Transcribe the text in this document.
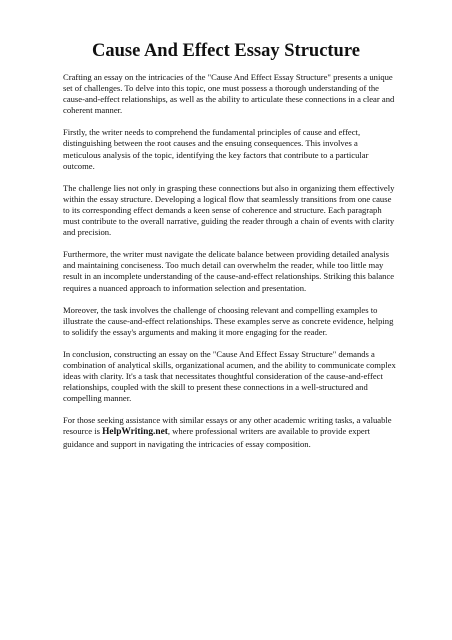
Cause And Effect Essay Structure

Crafting an essay on the intricacies of the "Cause And Effect Essay Structure" presents a unique set of challenges. To delve into this topic, one must possess a thorough understanding of the cause-and-effect relationships, as well as the ability to articulate these connections in a clear and coherent manner.

Firstly, the writer needs to comprehend the fundamental principles of cause and effect, distinguishing between the root causes and the ensuing consequences. This involves a meticulous analysis of the topic, identifying the key factors that contribute to a particular outcome.

The challenge lies not only in grasping these connections but also in organizing them effectively within the essay structure. Developing a logical flow that seamlessly transitions from one cause to its corresponding effect demands a keen sense of coherence and structure. Each paragraph must contribute to the overall narrative, guiding the reader through a chain of events with clarity and precision.

Furthermore, the writer must navigate the delicate balance between providing detailed analysis and maintaining conciseness. Too much detail can overwhelm the reader, while too little may result in an incomplete understanding of the cause-and-effect relationships. Striking this balance requires a nuanced approach to information selection and presentation.

Moreover, the task involves the challenge of choosing relevant and compelling examples to illustrate the cause-and-effect relationships. These examples serve as concrete evidence, helping to solidify the essay's arguments and making it more engaging for the reader.

In conclusion, constructing an essay on the "Cause And Effect Essay Structure" demands a combination of analytical skills, organizational acumen, and the ability to communicate complex ideas with clarity. It's a task that necessitates thoughtful consideration of the cause-and-effect relationships, coupled with the skill to present these connections in a well-structured and compelling manner.

For those seeking assistance with similar essays or any other academic writing tasks, a valuable resource is HelpWriting.net, where professional writers are available to provide expert guidance and support in navigating the intricacies of essay composition.
